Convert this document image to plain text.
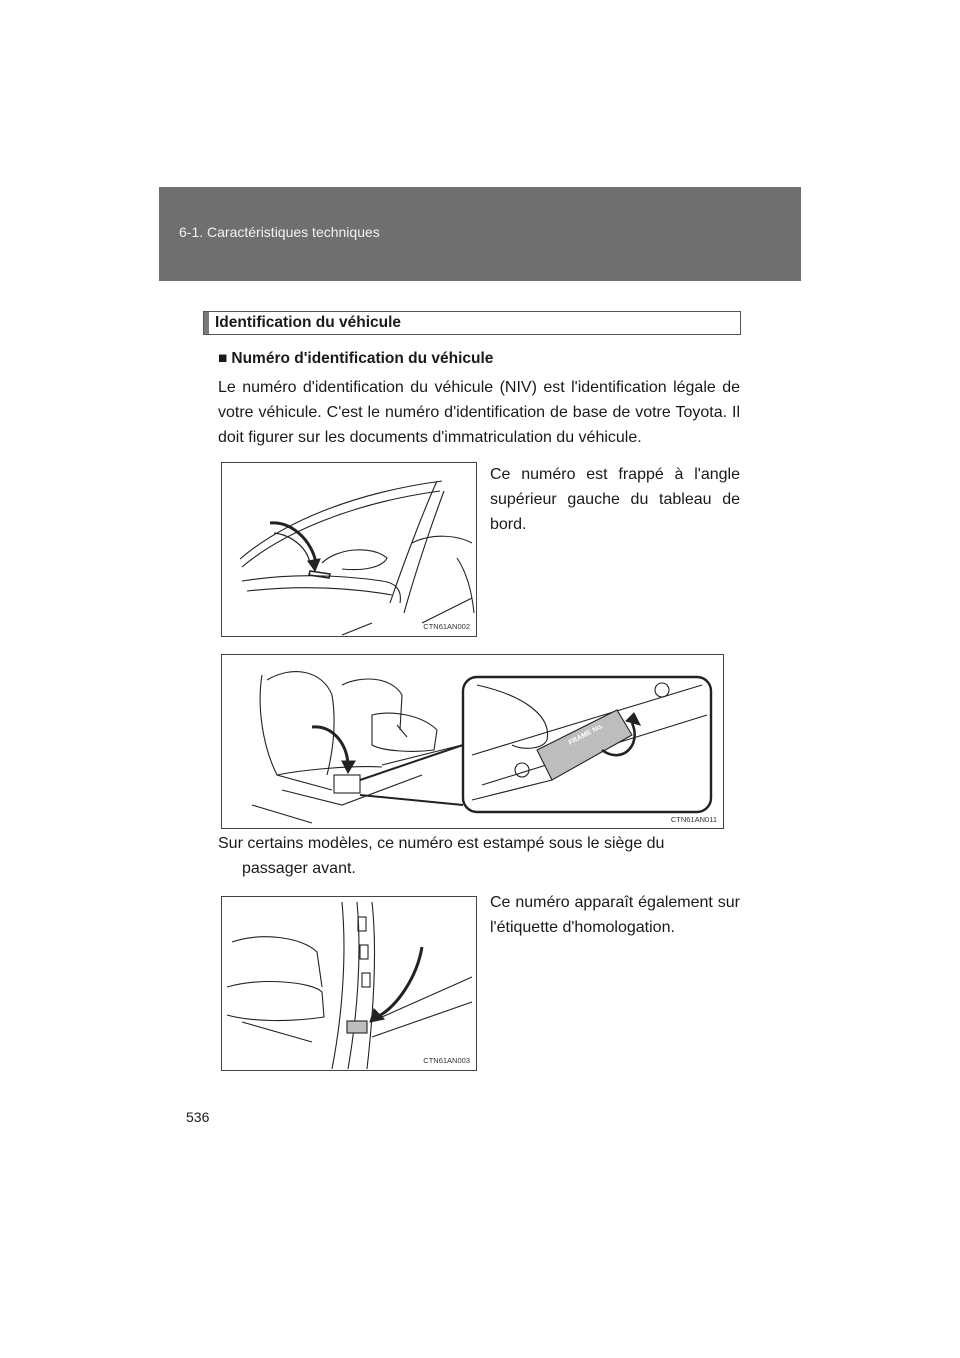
6-1. Caractéristiques techniques
Identification du véhicule
■ Numéro d'identification du véhicule
Le numéro d'identification du véhicule (NIV) est l'identification légale de votre véhicule. C'est le numéro d'identification de base de votre Toyota. Il doit figurer sur les documents d'immatriculation du véhicule.
CTN61AN002
Ce numéro est frappé à l'angle supérieur gauche du tableau de bord.
FRAME No.
CTN61AN011
Sur certains modèles, ce numéro est estampé sous le siège du
passager avant.
Ce numéro apparaît également sur l'étiquette d'homologation.
CTN61AN003
536
